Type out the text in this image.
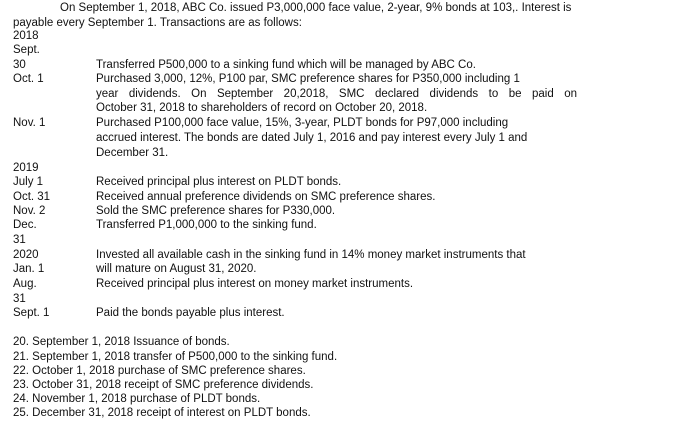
On September 1, 2018, ABC Co. issued P3,000,000 face value, 2-year, 9% bonds at 103,. Interest is
payable every September 1. Transactions are as follows:
2018
Sept.
30	Transferred P500,000 to a sinking fund which will be managed by ABC Co.
Oct. 1	Purchased 3,000, 12%, P100 par, SMC preference shares for P350,000 including 1
year dividends. On September 20,2018, SMC declared dividends to be paid on
October 31, 2018 to shareholders of record on October 20, 2018.
Nov. 1	Purchased P100,000 face value, 15%, 3-year, PLDT bonds for P97,000 including
accrued interest. The bonds are dated July 1, 2016 and pay interest every July 1 and
December 31.
2019
July 1	Received principal plus interest on PLDT bonds.
Oct. 31	Received annual preference dividends on SMC preference shares.
Nov. 2	Sold the SMC preference shares for P330,000.
Dec.	Transferred P1,000,000 to the sinking fund.
31
2020	Invested all available cash in the sinking fund in 14% money market instruments that
Jan. 1	will mature on August 31, 2020.
Aug.	Received principal plus interest on money market instruments.
31
Sept. 1	Paid the bonds payable plus interest.
20. September 1, 2018 Issuance of bonds.
21. September 1, 2018 transfer of P500,000 to the sinking fund.
22. October 1, 2018 purchase of SMC preference shares.
23. October 31, 2018 receipt of SMC preference dividends.
24. November 1, 2018 purchase of PLDT bonds.
25. December 31, 2018 receipt of interest on PLDT bonds.
